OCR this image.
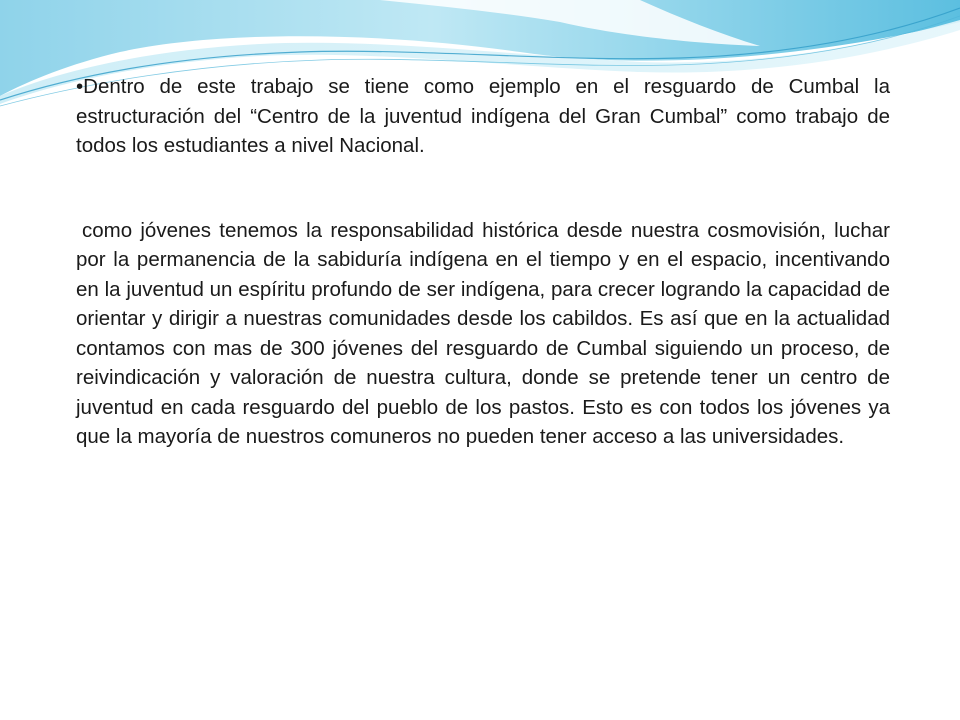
•Dentro de este trabajo se tiene como ejemplo en el resguardo de Cumbal la estructuración del “Centro de la juventud indígena del Gran Cumbal” como trabajo de todos los estudiantes a nivel Nacional.

como jóvenes tenemos la responsabilidad histórica desde nuestra cosmovisión, luchar por la permanencia de la sabiduría indígena en el tiempo y en el espacio, incentivando en la juventud un espíritu profundo de ser indígena, para crecer logrando la capacidad de orientar y dirigir a nuestras comunidades desde los cabildos. Es así que en la actualidad contamos con mas de 300 jóvenes del resguardo de Cumbal siguiendo un proceso, de reivindicación y valoración de nuestra cultura, donde se pretende tener un centro de juventud en cada resguardo del pueblo de los pastos. Esto es con todos los jóvenes ya que la mayoría de nuestros comuneros no pueden tener acceso a las universidades.
